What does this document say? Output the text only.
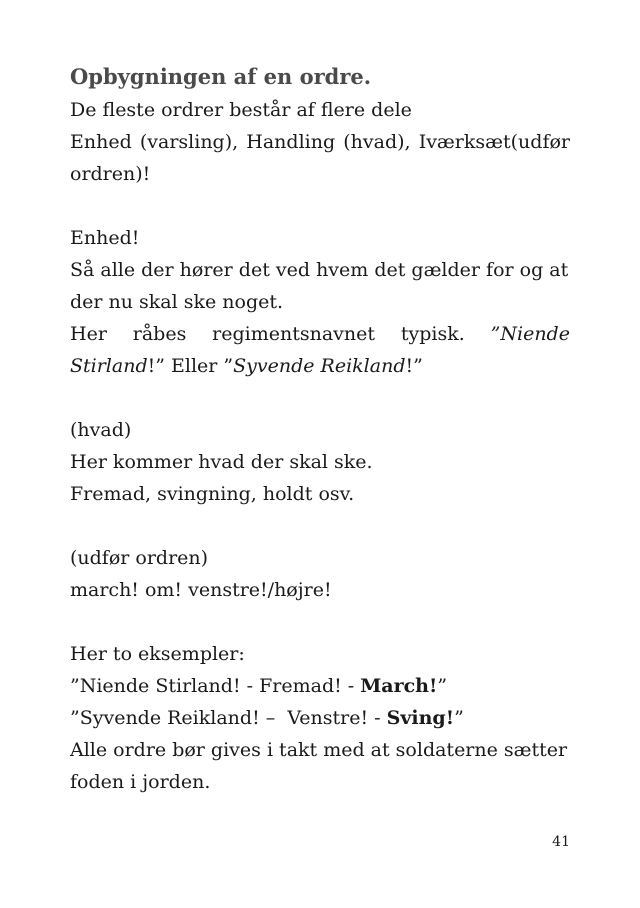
Opbygningen af en ordre.
De fleste ordrer består af flere dele
Enhed (varsling), Handling (hvad), Iværksæt(udfør
ordren)!
Enhed!
Så alle der hører det ved hvem det gælder for og at
der nu skal ske noget.
Her råbes regimentsnavnet typisk. ”Niende
Stirland!” Eller ”Syvende Reikland!”
(hvad)
Her kommer hvad der skal ske.
Fremad, svingning, holdt osv.
(udfør ordren)
march! om! venstre!/højre!
Her to eksempler:
”Niende Stirland! - Fremad! - March!”
”Syvende Reikland! –  Venstre! - Sving!”
Alle ordre bør gives i takt med at soldaterne sætter
foden i jorden.
41
